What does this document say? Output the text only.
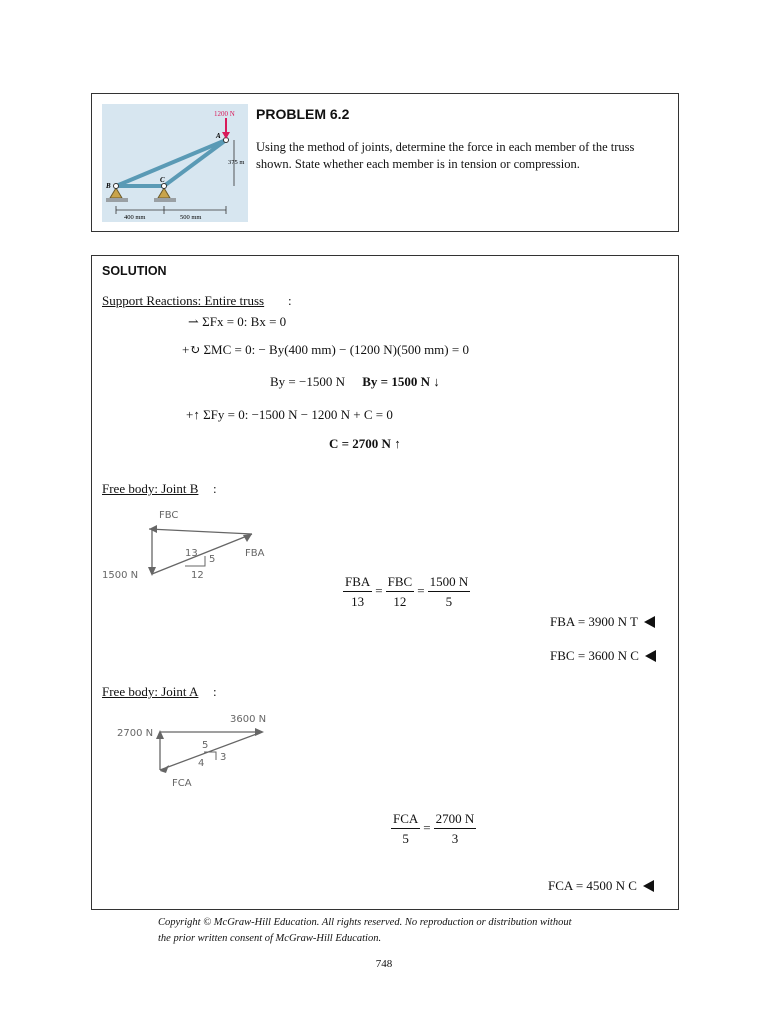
1200 N
A
B
C
375 m
400 mm	500 mm
PROBLEM 6.2
Using the method of joints, determine the force in each member of the truss shown. State whether each member is in tension or compression.
SOLUTION
Support Reactions: Entire truss :
⇀ ΣFx = 0: Bx = 0
+↻ ΣMC = 0: − By(400 mm) − (1200 N)(500 mm) = 0
By = −1500 N By = 1500 N ↓
+↑ ΣFy = 0: −1500 N − 1200 N + C = 0
C = 2700 N ↑
Free body: Joint B :
FBC
FBA
1500 N
13
5
12	$\frac{\text{FBA}}{13} = \frac{\text{FBC}}{12} = \frac{1500 N}{5}$
FBA = 3900 N T
FBC = 3600 N C
Free body: Joint A :
3600 N
2700 N
FCA
5
3
4
$\frac{\text{FCA}}{5} = \frac{2700 N}{3}$
FCA = 4500 N C
Copyright © McGraw-Hill Education. All rights reserved. No reproduction or distribution without
the prior written consent of McGraw-Hill Education.
748
